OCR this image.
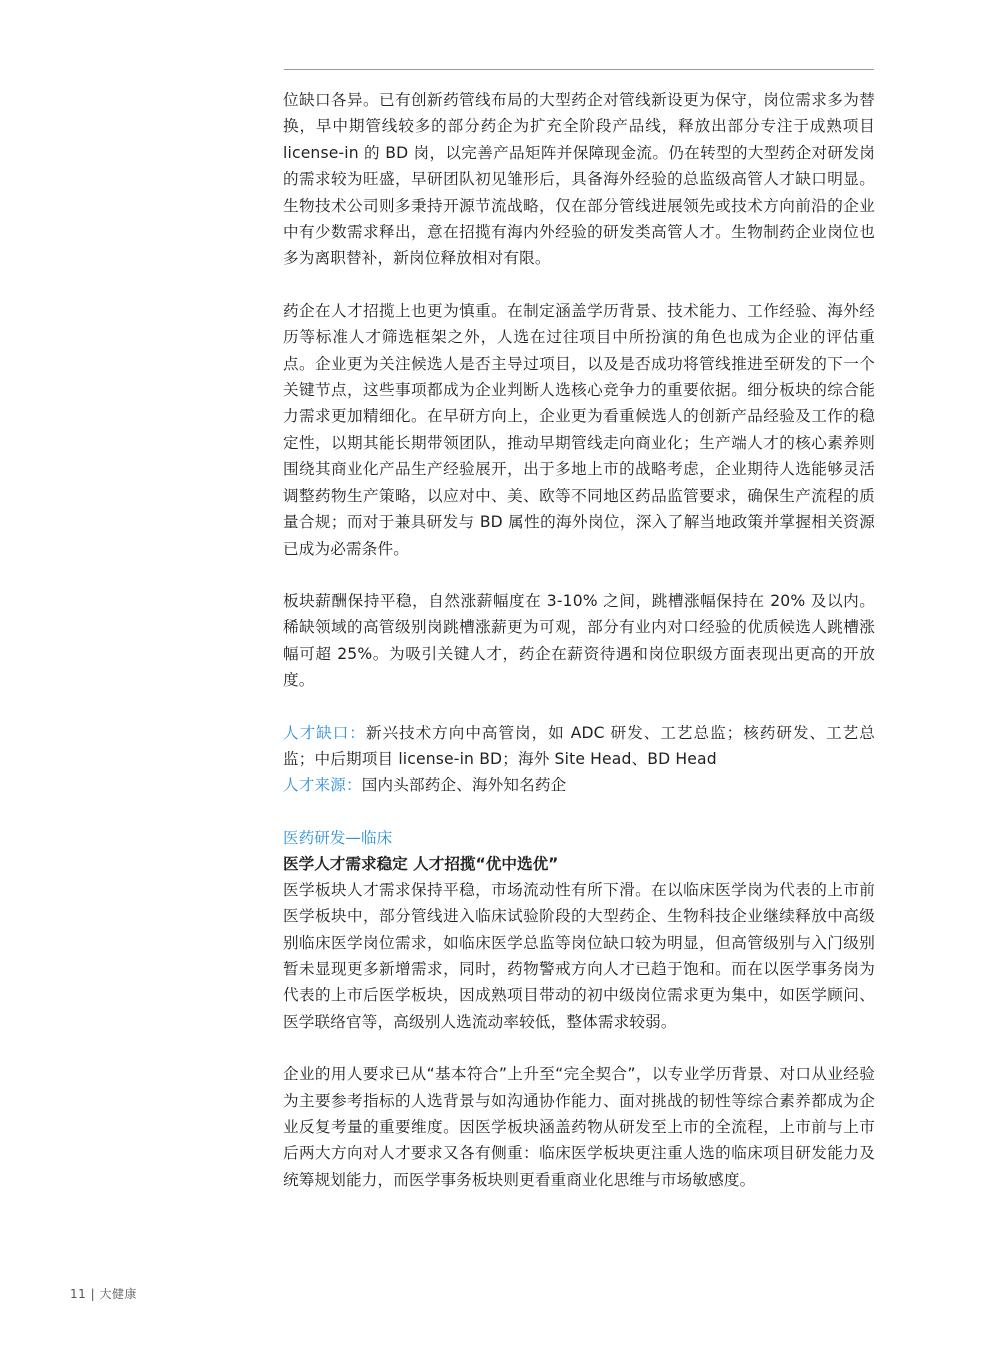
位缺口各异。已有创新药管线布局的大型药企对管线新设更为保守，岗位需求多为替换，早中期管线较多的部分药企为扩充全阶段产品线，释放出部分专注于成熟项目 license-in 的 BD 岗，以完善产品矩阵并保障现金流。仍在转型的大型药企对研发岗的需求较为旺盛，早研团队初见雏形后，具备海外经验的总监级高管人才缺口明显。生物技术公司则多秉持开源节流战略，仅在部分管线进展领先或技术方向前沿的企业中有少数需求释出，意在招揽有海内外经验的研发类高管人才。生物制药企业岗位也多为离职替补，新岗位释放相对有限。

药企在人才招揽上也更为慎重。在制定涵盖学历背景、技术能力、工作经验、海外经历等标准人才筛选框架之外，人选在过往项目中所扮演的角色也成为企业的评估重点。企业更为关注候选人是否主导过项目，以及是否成功将管线推进至研发的下一个关键节点，这些事项都成为企业判断人选核心竞争力的重要依据。细分板块的综合能力需求更加精细化。在早研方向上，企业更为看重候选人的创新产品经验及工作的稳定性，以期其能长期带领团队，推动早期管线走向商业化；生产端人才的核心素养则围绕其商业化产品生产经验展开，出于多地上市的战略考虑，企业期待人选能够灵活调整药物生产策略，以应对中、美、欧等不同地区药品监管要求，确保生产流程的质量合规；而对于兼具研发与 BD 属性的海外岗位，深入了解当地政策并掌握相关资源已成为必需条件。

板块薪酬保持平稳，自然涨薪幅度在 3-10% 之间，跳槽涨幅保持在 20% 及以内。稀缺领域的高管级别岗跳槽涨薪更为可观，部分有业内对口经验的优质候选人跳槽涨幅可超 25%。为吸引关键人才，药企在薪资待遇和岗位职级方面表现出更高的开放度。

人才缺口：新兴技术方向中高管岗，如 ADC 研发、工艺总监；核药研发、工艺总监；中后期项目 license-in BD；海外 Site Head、BD Head

人才来源：国内头部药企、海外知名药企

医药研发—临床

医学人才需求稳定 人才招揽“优中选优”

医学板块人才需求保持平稳，市场流动性有所下滑。在以临床医学岗为代表的上市前医学板块中，部分管线进入临床试验阶段的大型药企、生物科技企业继续释放中高级别临床医学岗位需求，如临床医学总监等岗位缺口较为明显，但高管级别与入门级别暂未显现更多新增需求，同时，药物警戒方向人才已趋于饱和。而在以医学事务岗为代表的上市后医学板块，因成熟项目带动的初中级岗位需求更为集中，如医学顾问、医学联络官等，高级别人选流动率较低，整体需求较弱。

企业的用人要求已从“基本符合”上升至“完全契合”，以专业学历背景、对口从业经验为主要参考指标的人选背景与如沟通协作能力、面对挑战的韧性等综合素养都成为企业反复考量的重要维度。因医学板块涵盖药物从研发至上市的全流程，上市前与上市后两大方向对人才要求又各有侧重：临床医学板块更注重人选的临床项目研发能力及统筹规划能力，而医学事务板块则更看重商业化思维与市场敏感度。

11 | 大健康
